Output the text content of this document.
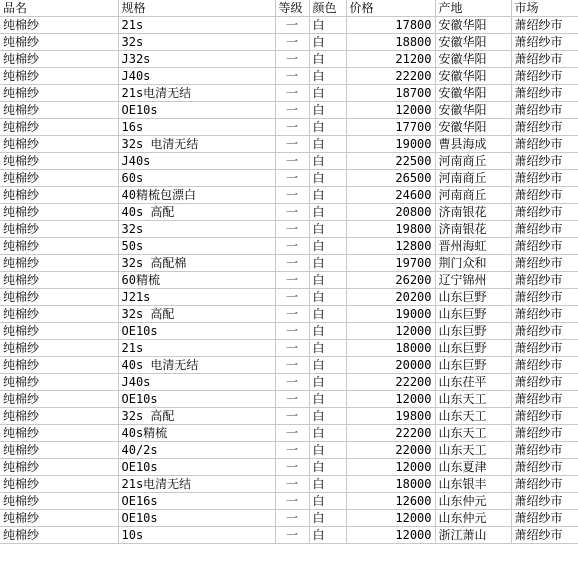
品名	规格	等级	颜色	价格	产地	市场
纯棉纱	21s	一	白	17800	安徽华阳	萧绍纱市
纯棉纱	32s	一	白	18800	安徽华阳	萧绍纱市
纯棉纱	J32s	一	白	21200	安徽华阳	萧绍纱市
纯棉纱	J40s	一	白	22200	安徽华阳	萧绍纱市
纯棉纱	21s电清无结	一	白	18700	安徽华阳	萧绍纱市
纯棉纱	OE10s	一	白	12000	安徽华阳	萧绍纱市
纯棉纱	16s	一	白	17700	安徽华阳	萧绍纱市
纯棉纱	32s 电清无结	一	白	19000	曹县海成	萧绍纱市
纯棉纱	J40s	一	白	22500	河南商丘	萧绍纱市
纯棉纱	60s	一	白	26500	河南商丘	萧绍纱市
纯棉纱	40精梳包漂白	一	白	24600	河南商丘	萧绍纱市
纯棉纱	40s 高配	一	白	20800	济南银花	萧绍纱市
纯棉纱	32s	一	白	19800	济南银花	萧绍纱市
纯棉纱	50s	一	白	12800	晋州海虹	萧绍纱市
纯棉纱	32s 高配棉	一	白	19700	荆门众和	萧绍纱市
纯棉纱	60精梳	一	白	26200	辽宁锦州	萧绍纱市
纯棉纱	J21s	一	白	20200	山东巨野	萧绍纱市
纯棉纱	32s 高配	一	白	19000	山东巨野	萧绍纱市
纯棉纱	OE10s	一	白	12000	山东巨野	萧绍纱市
纯棉纱	21s	一	白	18000	山东巨野	萧绍纱市
纯棉纱	40s 电清无结	一	白	20000	山东巨野	萧绍纱市
纯棉纱	J40s	一	白	22200	山东茌平	萧绍纱市
纯棉纱	OE10s	一	白	12000	山东天工	萧绍纱市
纯棉纱	32s 高配	一	白	19800	山东天工	萧绍纱市
纯棉纱	40s精梳	一	白	22200	山东天工	萧绍纱市
纯棉纱	40/2s	一	白	22000	山东天工	萧绍纱市
纯棉纱	OE10s	一	白	12000	山东夏津	萧绍纱市
纯棉纱	21s电清无结	一	白	18000	山东银丰	萧绍纱市
纯棉纱	OE16s	一	白	12600	山东仲元	萧绍纱市
纯棉纱	OE10s	一	白	12000	山东仲元	萧绍纱市
纯棉纱	10s	一	白	12000	浙江萧山	萧绍纱市
